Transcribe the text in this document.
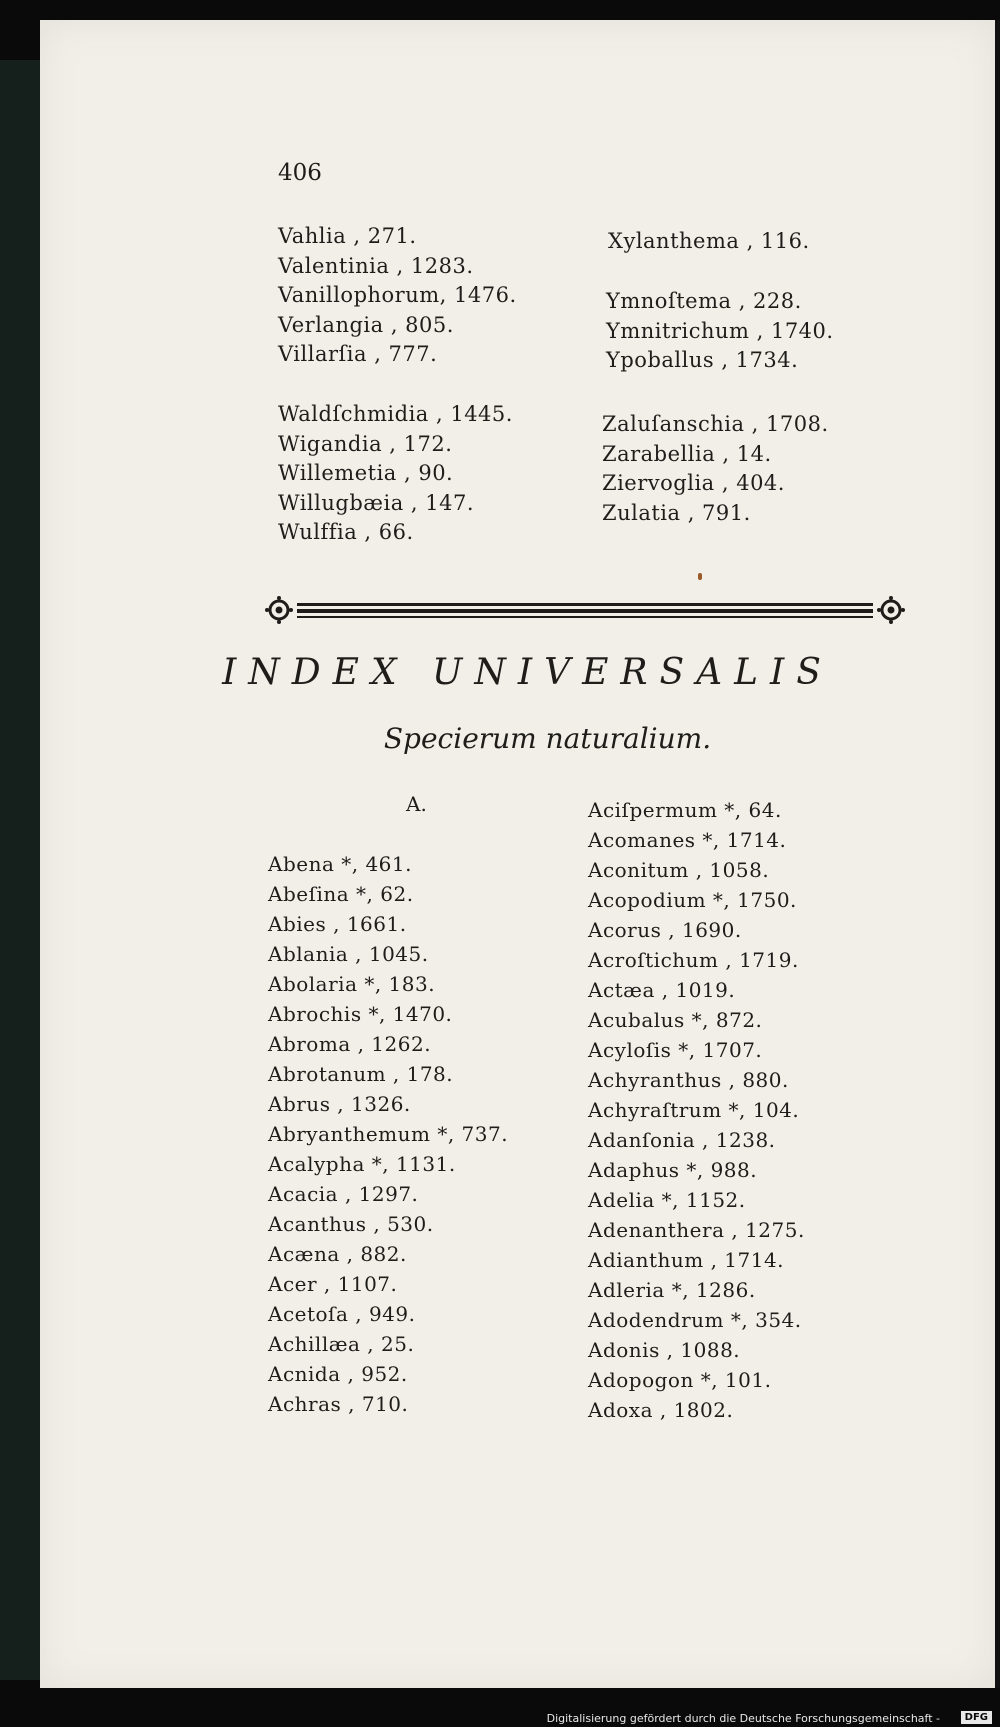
406
Vahlia , 271.
Valentinia , 1283.
Vanillophorum, 1476.
Verlangia , 805.
Villarſia , 777.
Waldſchmidia , 1445.
Wigandia , 172.
Willemetia , 90.
Willugbæia , 147.
Wulffia , 66.
Xylanthema , 116.
Ymnoſtema , 228.
Ymnitrichum , 1740.
Ypoballus , 1734.
Zaluſanschia , 1708.
Zarabellia , 14.
Ziervoglia , 404.
Zulatia , 791.
INDEX UNIVERSALIS
Specierum naturalium.
A.
Abena *, 461.
Abeſina *, 62.
Abies , 1661.
Ablania , 1045.
Abolaria *, 183.
Abrochis *, 1470.
Abroma , 1262.
Abrotanum , 178.
Abrus , 1326.
Abryanthemum *, 737.
Acalypha *, 1131.
Acacia , 1297.
Acanthus , 530.
Acæna , 882.
Acer , 1107.
Acetoſa , 949.
Achillæa , 25.
Acnida , 952.
Achras , 710.
Aciſpermum *, 64.
Acomanes *, 1714.
Aconitum , 1058.
Acopodium *, 1750.
Acorus , 1690.
Acroſtichum , 1719.
Actæa , 1019.
Acubalus *, 872.
Acyloſis *, 1707.
Achyranthus , 880.
Achyraſtrum *, 104.
Adanſonia , 1238.
Adaphus *, 988.
Adelia *, 1152.
Adenanthera , 1275.
Adianthum , 1714.
Adleria *, 1286.
Adodendrum *, 354.
Adonis , 1088.
Adopogon *, 101.
Adoxa , 1802.
Digitalisierung gefördert durch die Deutsche Forschungsgemeinschaft -	DFG
